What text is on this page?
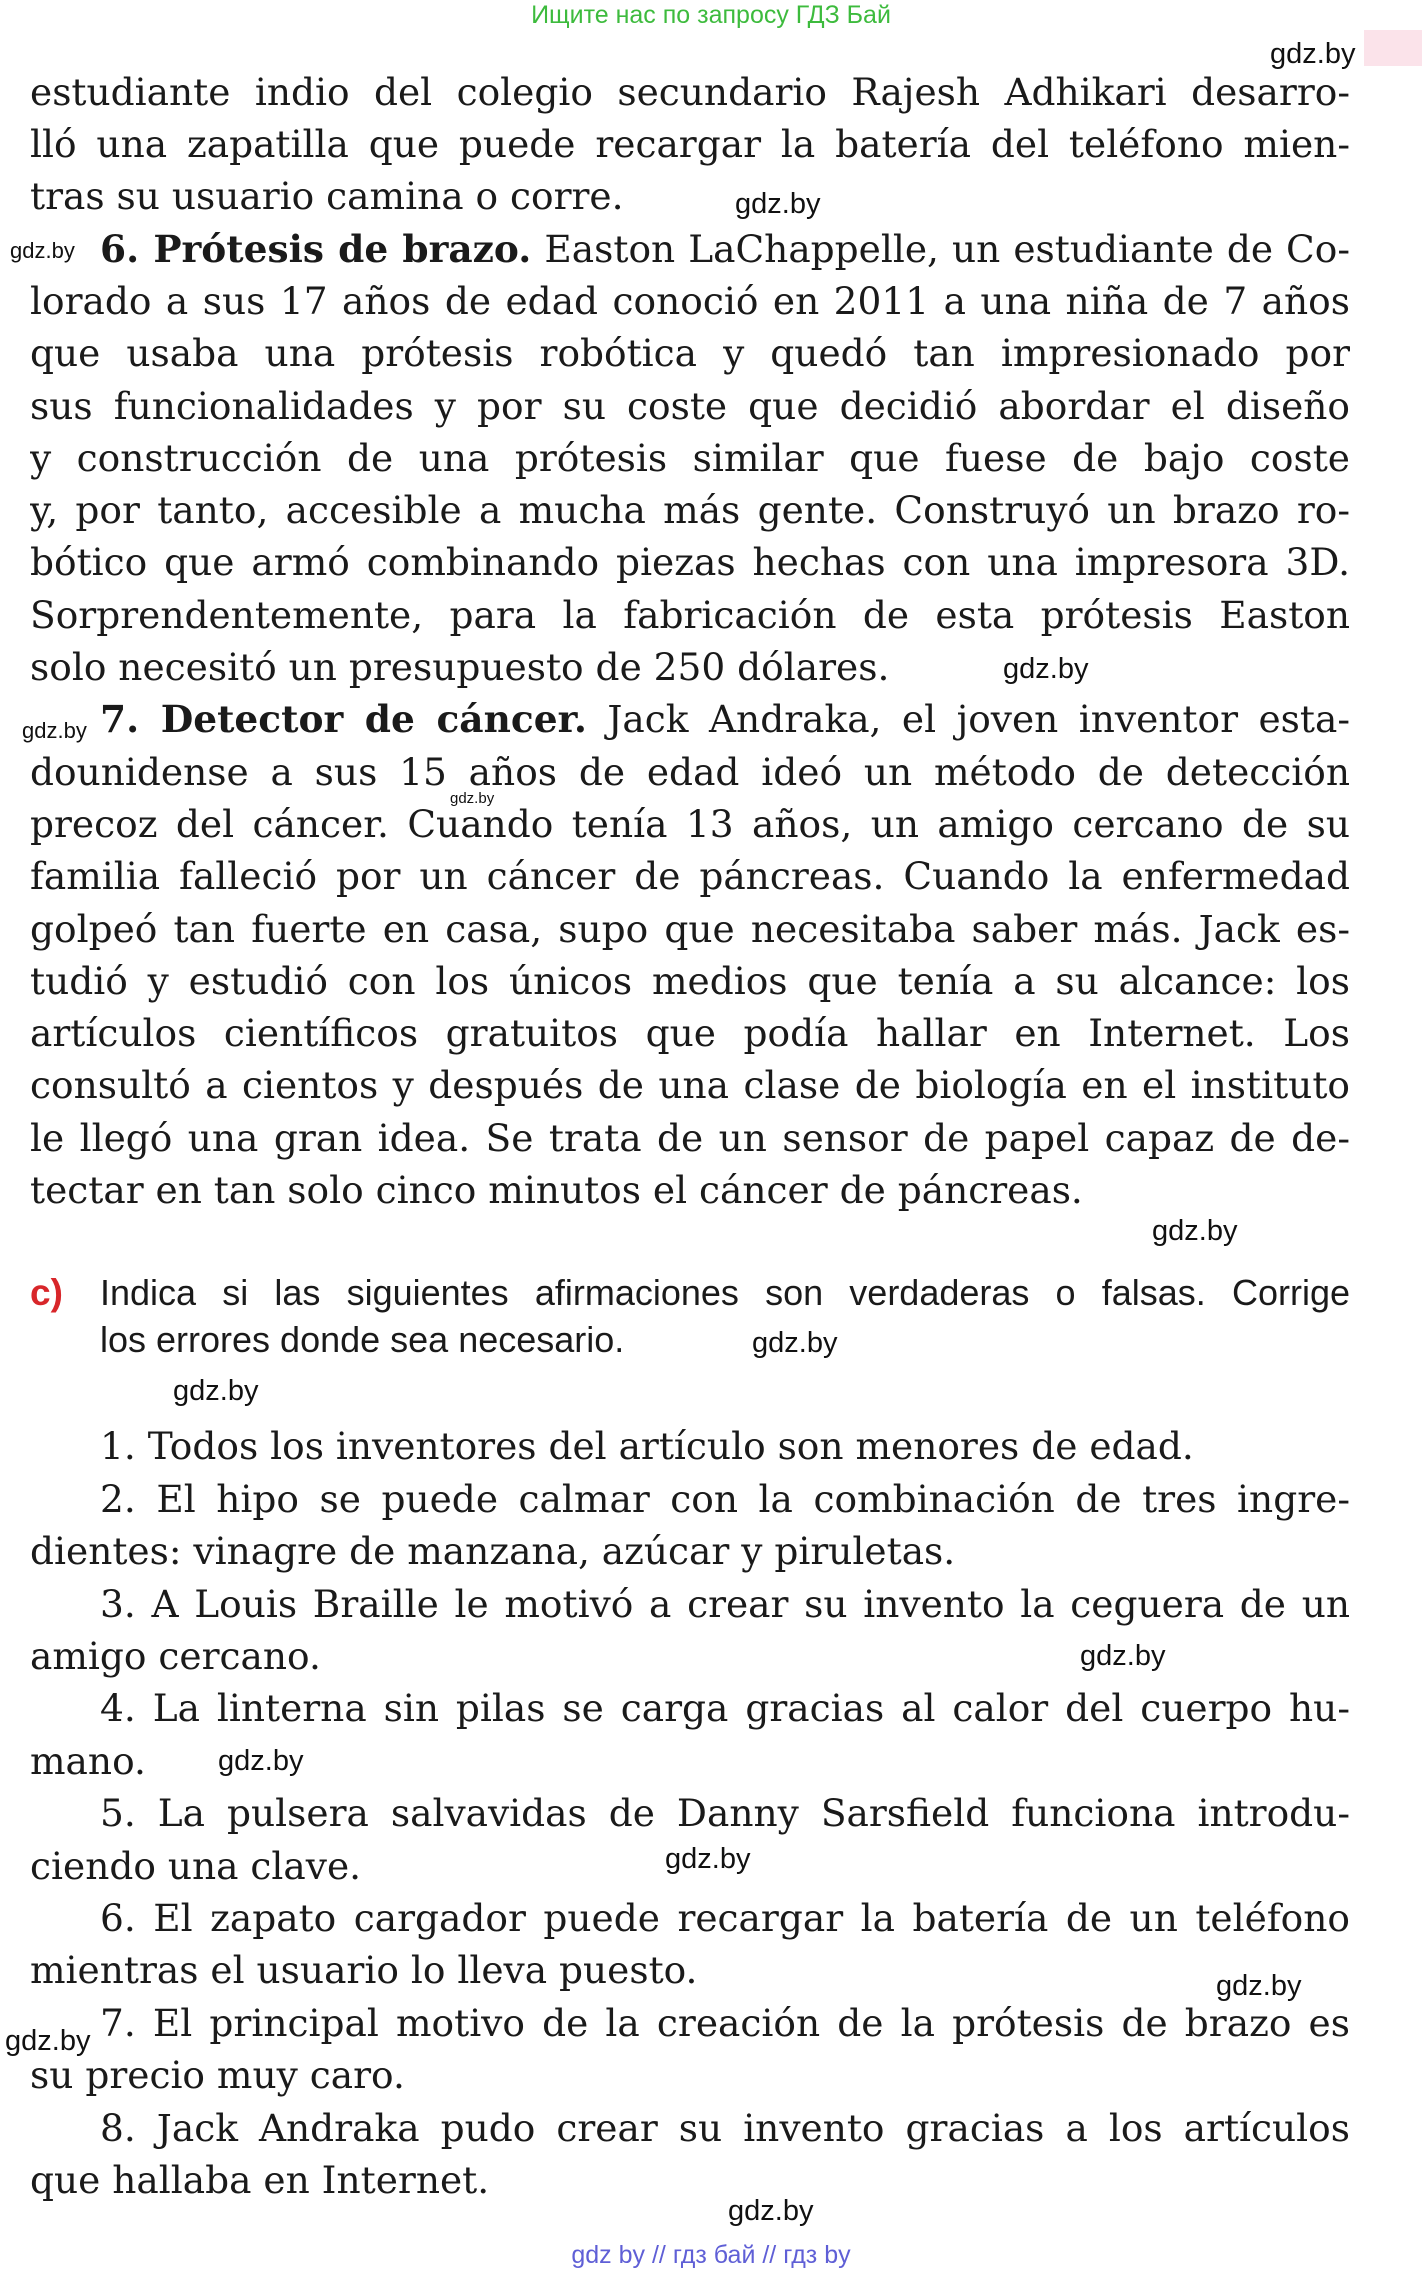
Ищите нас по запросу ГДЗ Бай
gdz.by
gdz.by
gdz.by
gdz.by
gdz.by
gdz.by
gdz.by
gdz.by
gdz.by
gdz.by
gdz.by
gdz.by
gdz.by
gdz.by
gdz.by
estudiante indio del colegio secundario Rajesh Adhikari desarro-
lló una zapatilla que puede recargar la batería del teléfono mien-
tras su usuario camina o corre.
6. Prótesis de brazo. Easton LaChappelle, un estudiante de Co-
lorado a sus 17 años de edad conoció en 2011 a una niña de 7 años
que usaba una prótesis robótica y quedó tan impresionado por
sus funcionalidades y por su coste que decidió abordar el diseño
y construcción de una prótesis similar que fuese de bajo coste
y, por tanto, accesible a mucha más gente. Construyó un brazo ro-
bótico que armó combinando piezas hechas con una impresora 3D.
Sorprendentemente, para la fabricación de esta prótesis Easton
solo necesitó un presupuesto de 250 dólares.
7. Detector de cáncer. Jack Andraka, el joven inventor esta-
dounidense a sus 15 años de edad ideó un método de detección
precoz del cáncer. Cuando tenía 13 años, un amigo cercano de su
familia falleció por un cáncer de páncreas. Cuando la enfermedad
golpeó tan fuerte en casa, supo que necesitaba saber más. Jack es-
tudió y estudió con los únicos medios que tenía a su alcance: los
artículos científicos gratuitos que podía hallar en Internet. Los
consultó a cientos y después de una clase de biología en el instituto
le llegó una gran idea. Se trata de un sensor de papel capaz de de-
tectar en tan solo cinco minutos el cáncer de páncreas.
c) Indica si las siguientes afirmaciones son verdaderas o falsas. Corrige
los errores donde sea necesario.
1. Todos los inventores del artículo son menores de edad.
2. El hipo se puede calmar con la combinación de tres ingre-
dientes: vinagre de manzana, azúcar y piruletas.
3. A Louis Braille le motivó a crear su invento la ceguera de un
amigo cercano.
4. La linterna sin pilas se carga gracias al calor del cuerpo hu-
mano.
5. La pulsera salvavidas de Danny Sarsfield funciona introdu-
ciendo una clave.
6. El zapato cargador puede recargar la batería de un teléfono
mientras el usuario lo lleva puesto.
7. El principal motivo de la creación de la prótesis de brazo es
su precio muy caro.
8. Jack Andraka pudo crear su invento gracias a los artículos
que hallaba en Internet.
gdz by // гдз бай // гдз by
